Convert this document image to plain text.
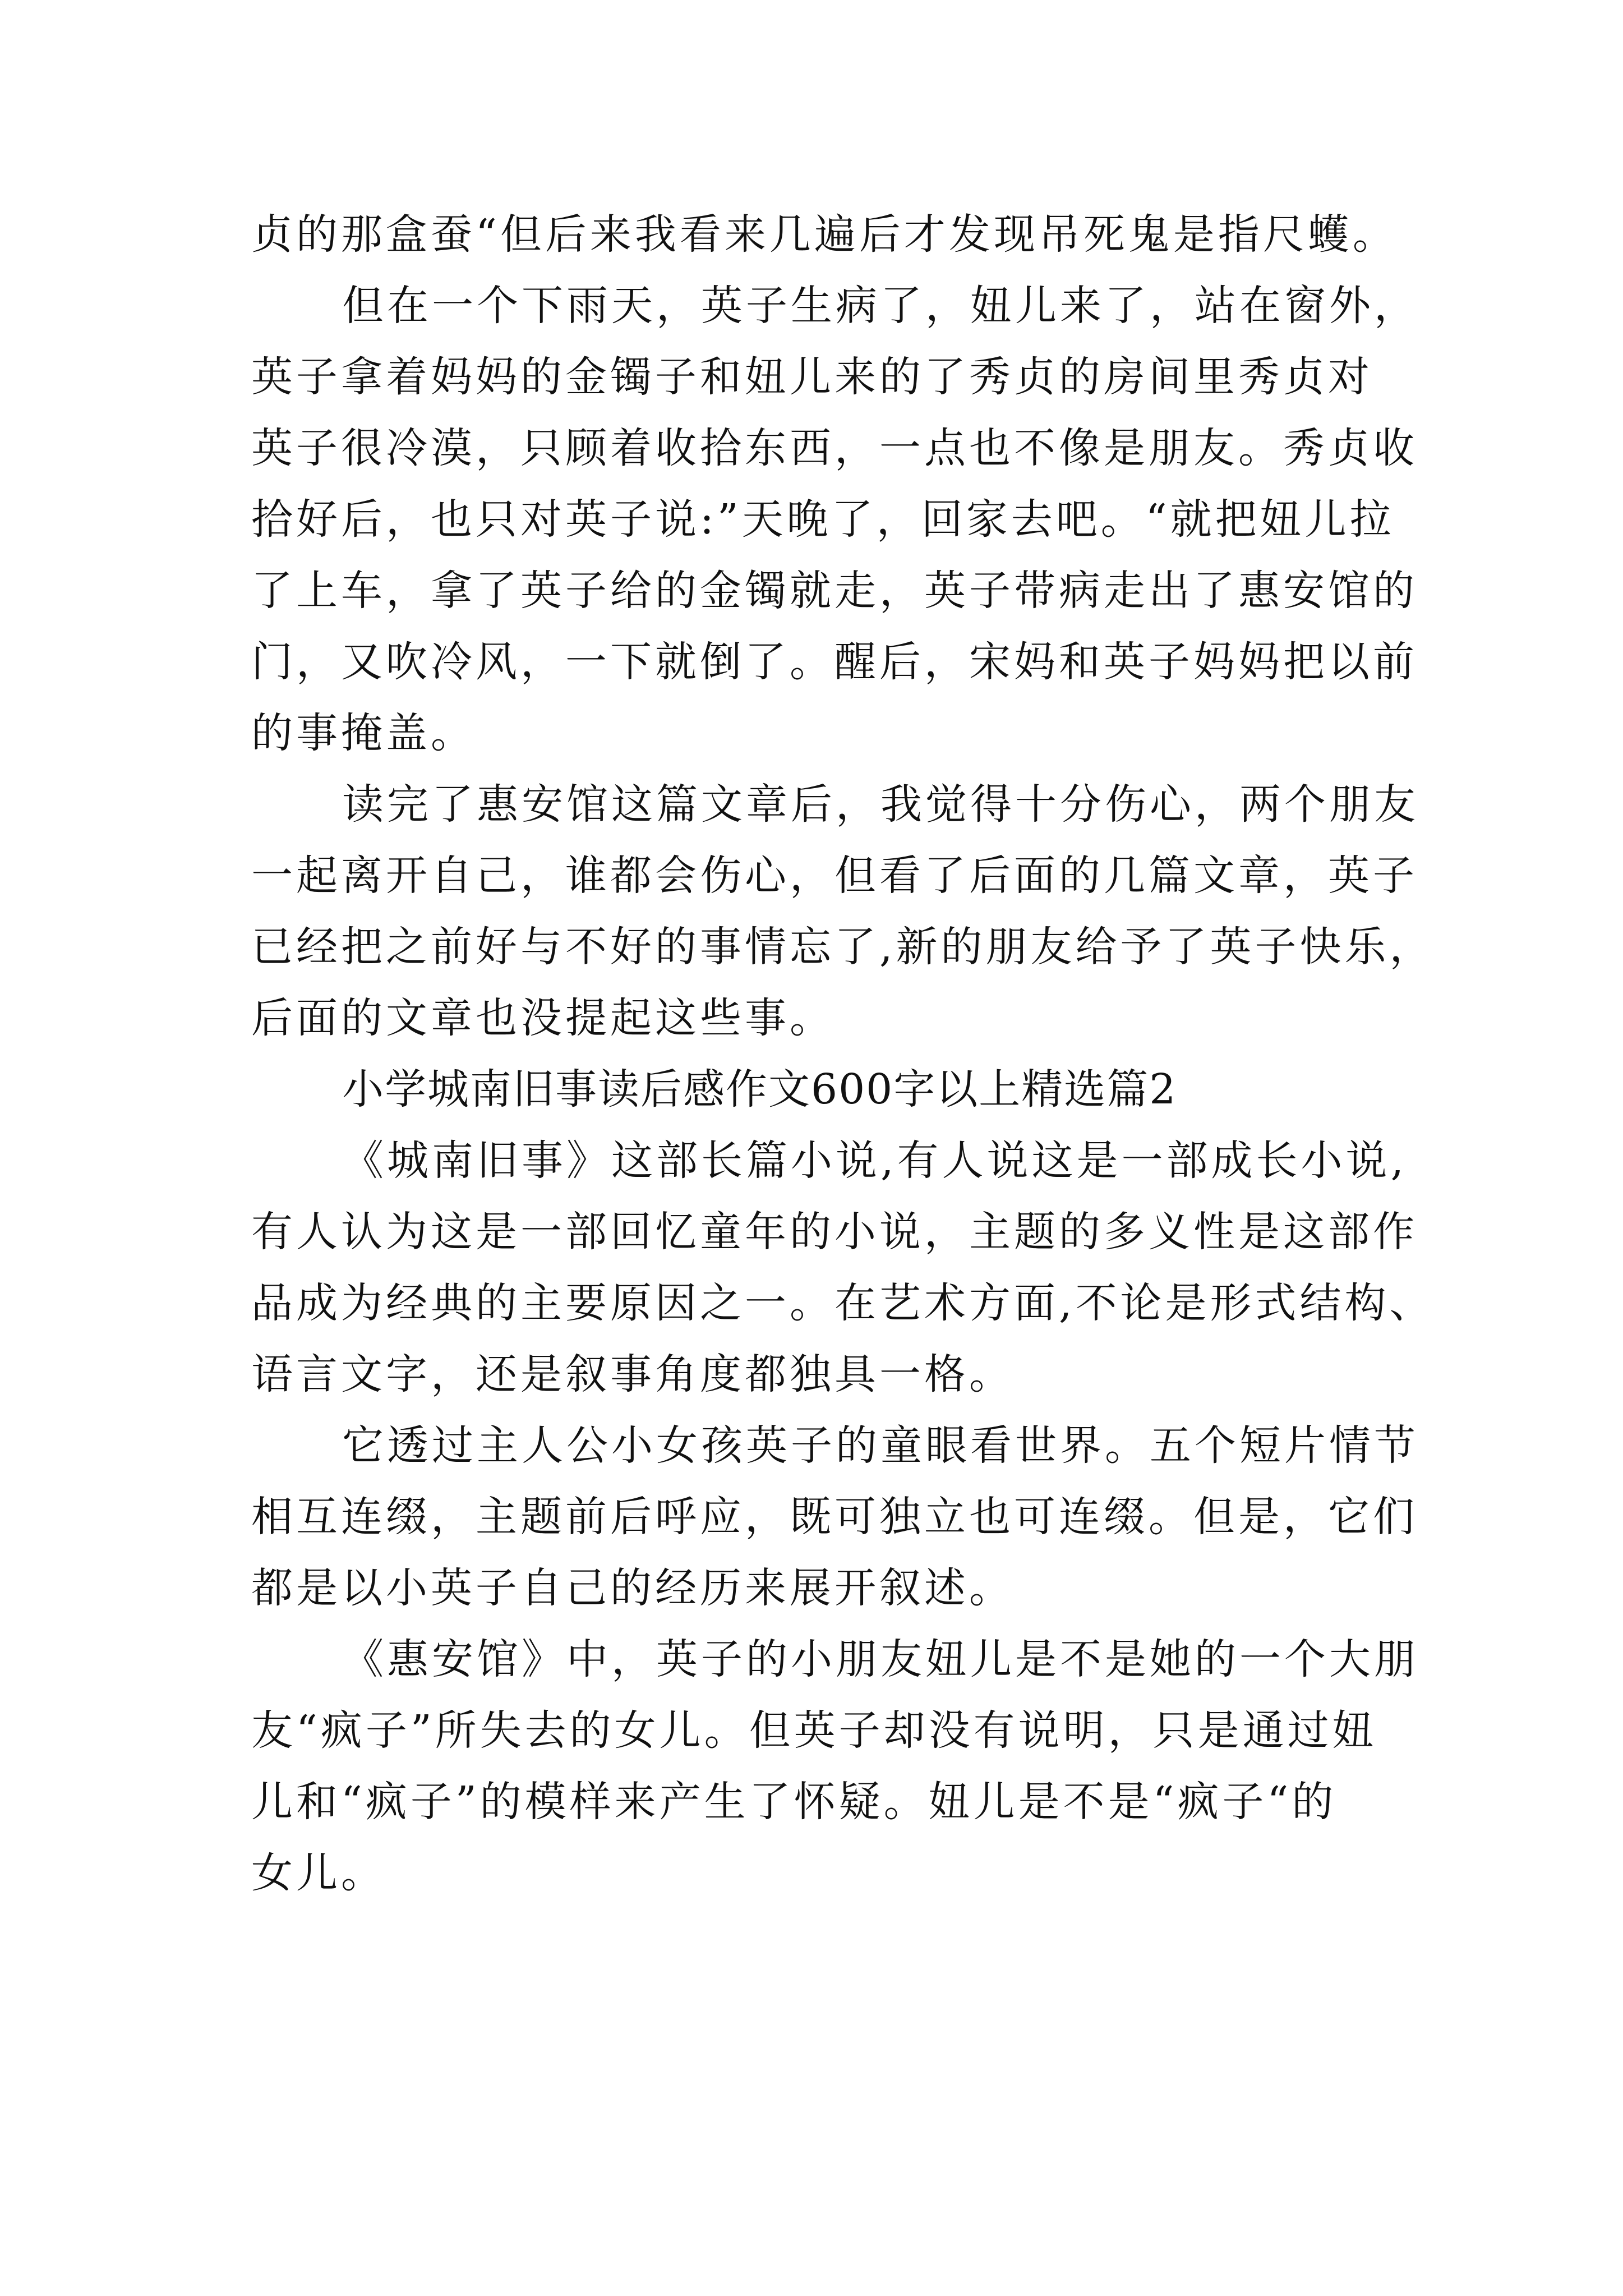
贞的那盒蚕“但后来我看来几遍后才发现吊死鬼是指尺蠖。
但在一个下雨天，英子生病了，妞儿来了，站在窗外，
英子拿着妈妈的金镯子和妞儿来的了秀贞的房间里秀贞对
英子很冷漠，只顾着收拾东西，一点也不像是朋友。秀贞收
拾好后，也只对英子说:”天晚了，回家去吧。“就把妞儿拉
了上车，拿了英子给的金镯就走，英子带病走出了惠安馆的
门，又吹冷风，一下就倒了。醒后，宋妈和英子妈妈把以前
的事掩盖。
读完了惠安馆这篇文章后，我觉得十分伤心，两个朋友
一起离开自己，谁都会伤心，但看了后面的几篇文章，英子
已经把之前好与不好的事情忘了,新的朋友给予了英子快乐，
后面的文章也没提起这些事。
小学城南旧事读后感作文600字以上精选篇2
《城南旧事》这部长篇小说,有人说这是一部成长小说,
有人认为这是一部回忆童年的小说，主题的多义性是这部作
品成为经典的主要原因之一。在艺术方面,不论是形式结构、
语言文字，还是叙事角度都独具一格。
它透过主人公小女孩英子的童眼看世界。五个短片情节
相互连缀，主题前后呼应，既可独立也可连缀。但是，它们
都是以小英子自己的经历来展开叙述。
《惠安馆》中，英子的小朋友妞儿是不是她的一个大朋
友“疯子”所失去的女儿。但英子却没有说明，只是通过妞
儿和“疯子”的模样来产生了怀疑。妞儿是不是“疯子“的
女儿。
